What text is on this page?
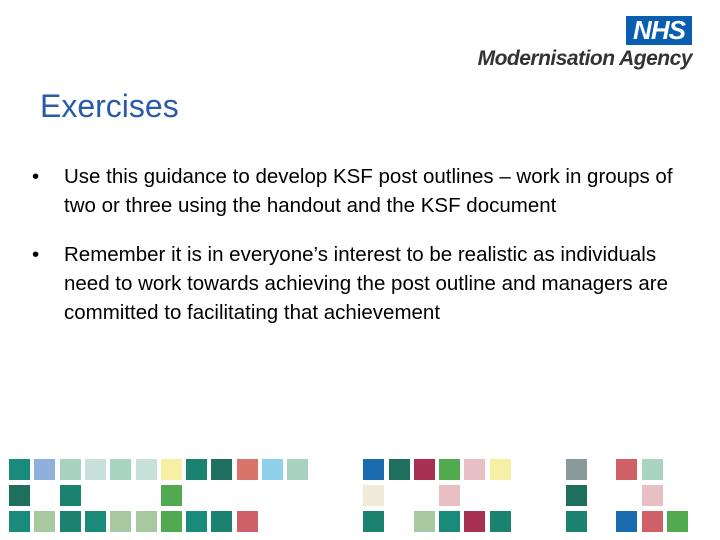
NHS
Modernisation Agency
Exercises
• Use this guidance to develop KSF post outlines – work in groups of two or three using the handout and the KSF document
• Remember it is in everyone’s interest to be realistic as individuals need to work towards achieving the post outline and managers are committed to facilitating that achievement
